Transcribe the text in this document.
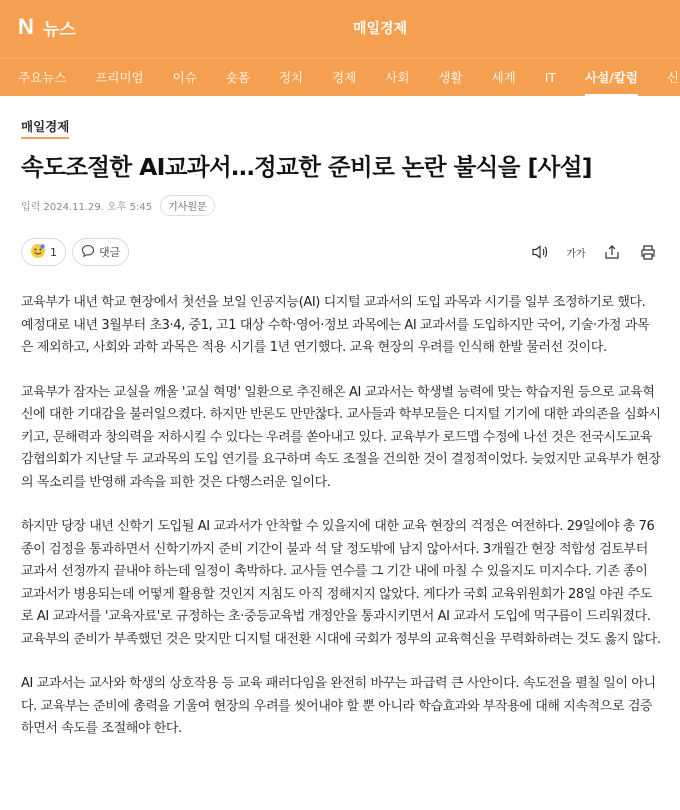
N 뉴스	매일경제
주요뉴스 프리미엄 이슈 숏폼 정치 경제 사회 생활 세계 IT 사설/칼럼 신
매일경제
속도조절한 AI교과서…정교한 준비로 논란 불식을 [사설]
입력 2024.11.29. 오후 5:45	기사원문
1	댓글	가가

교육부가 내년 학교 현장에서 첫선을 보일 인공지능(AI) 디지털 교과서의 도입 과목과 시기를 일부 조정하기로 했다. 예정대로 내년 3월부터 초3·4, 중1, 고1 대상 수학·영어·정보 과목에는 AI 교과서를 도입하지만 국어, 기술·가정 과목은 제외하고, 사회와 과학 과목은 적용 시기를 1년 연기했다. 교육 현장의 우려를 인식해 한발 물러선 것이다.

교육부가 잠자는 교실을 깨울 '교실 혁명' 일환으로 추진해온 AI 교과서는 학생별 능력에 맞는 학습지원 등으로 교육혁신에 대한 기대감을 불러일으켰다. 하지만 반론도 만만찮다. 교사들과 학부모들은 디지털 기기에 대한 과의존을 심화시키고, 문해력과 창의력을 저하시킬 수 있다는 우려를 쏟아내고 있다. 교육부가 로드맵 수정에 나선 것은 전국시도교육감협의회가 지난달 두 교과목의 도입 연기를 요구하며 속도 조절을 건의한 것이 결정적이었다. 늦었지만 교육부가 현장의 목소리를 반영해 과속을 피한 것은 다행스러운 일이다.

하지만 당장 내년 신학기 도입될 AI 교과서가 안착할 수 있을지에 대한 교육 현장의 걱정은 여전하다. 29일에야 총 76종이 검정을 통과하면서 신학기까지 준비 기간이 불과 석 달 정도밖에 남지 않아서다. 3개월간 현장 적합성 검토부터 교과서 선정까지 끝내야 하는데 일정이 촉박하다. 교사들 연수를 그 기간 내에 마칠 수 있을지도 미지수다. 기존 종이 교과서가 병용되는데 어떻게 활용할 것인지 지침도 아직 정해지지 않았다. 게다가 국회 교육위원회가 28일 야권 주도로 AI 교과서를 '교육자료'로 규정하는 초·중등교육법 개정안을 통과시키면서 AI 교과서 도입에 먹구름이 드리워졌다. 교육부의 준비가 부족했던 것은 맞지만 디지털 대전환 시대에 국회가 정부의 교육혁신을 무력화하려는 것도 옳지 않다.

AI 교과서는 교사와 학생의 상호작용 등 교육 패러다임을 완전히 바꾸는 파급력 큰 사안이다. 속도전을 펼칠 일이 아니다. 교육부는 준비에 총력을 기울여 현장의 우려를 씻어내야 할 뿐 아니라 학습효과와 부작용에 대해 지속적으로 검증하면서 속도를 조절해야 한다.
